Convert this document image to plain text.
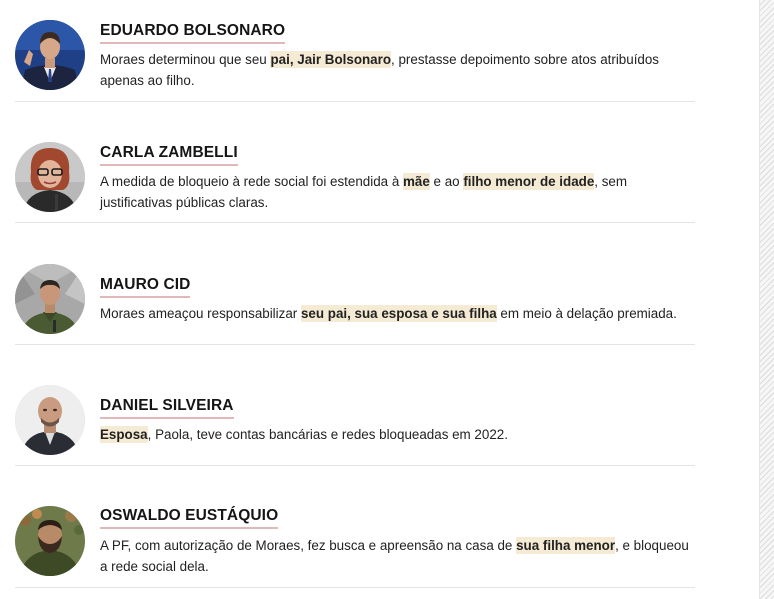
EDUARDO BOLSONARO

Moraes determinou que seu pai, Jair Bolsonaro, prestasse depoimento sobre atos atribuídos apenas ao filho.

CARLA ZAMBELLI

A medida de bloqueio à rede social foi estendida à mãe e ao filho menor de idade, sem justificativas públicas claras.

MAURO CID

Moraes ameaçou responsabilizar seu pai, sua esposa e sua filha em meio à delação premiada.

DANIEL SILVEIRA

Esposa, Paola, teve contas bancárias e redes bloqueadas em 2022.

OSWALDO EUSTÁQUIO

A PF, com autorização de Moraes, fez busca e apreensão na casa de sua filha menor, e bloqueou a rede social dela.
